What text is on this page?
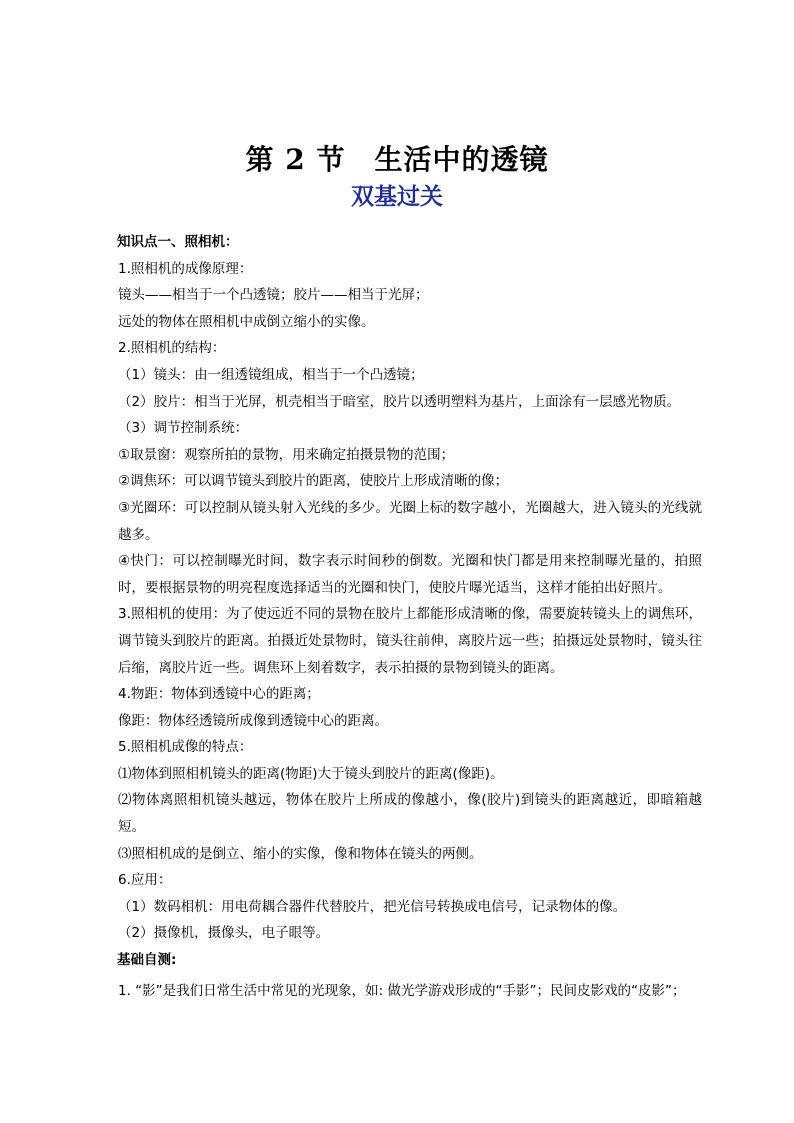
第 2 节　生活中的透镜
双基过关

知识点一、照相机：

1.照相机的成像原理：

镜头——相当于一个凸透镜；胶片——相当于光屏；

远处的物体在照相机中成倒立缩小的实像。

2.照相机的结构：

（1）镜头：由一组透镜组成，相当于一个凸透镜；

（2）胶片：相当于光屏，机壳相当于暗室，胶片以透明塑料为基片，上面涂有一层感光物质。

（3）调节控制系统：

①取景窗：观察所拍的景物，用来确定拍摄景物的范围；

②调焦环：可以调节镜头到胶片的距离，使胶片上形成清晰的像；

③光圈环：可以控制从镜头射入光线的多少。光圈上标的数字越小，光圈越大，进入镜头的光线就越多。

④快门：可以控制曝光时间，数字表示时间秒的倒数。光圈和快门都是用来控制曝光量的，拍照时，要根据景物的明亮程度选择适当的光圈和快门，使胶片曝光适当，这样才能拍出好照片。

3.照相机的使用：为了使远近不同的景物在胶片上都能形成清晰的像，需要旋转镜头上的调焦环，调节镜头到胶片的距离。拍摄近处景物时，镜头往前伸，离胶片远一些；拍摄远处景物时，镜头往后缩，离胶片近一些。调焦环上刻着数字，表示拍摄的景物到镜头的距离。

4.物距：物体到透镜中心的距离；

像距：物体经透镜所成像到透镜中心的距离。

5.照相机成像的特点：

⑴物体到照相机镜头的距离(物距)大于镜头到胶片的距离(像距)。

⑵物体离照相机镜头越远，物体在胶片上所成的像越小，像(胶片)到镜头的距离越近，即暗箱越短。

⑶照相机成的是倒立、缩小的实像，像和物体在镜头的两侧。

6.应用：

（1）数码相机：用电荷耦合器件代替胶片，把光信号转换成电信号，记录物体的像。

（2）摄像机，摄像头，电子眼等。

基础自测:

1. “影”是我们日常生活中常见的光现象，如: 做光学游戏形成的“手影”；民间皮影戏的“皮影”；
